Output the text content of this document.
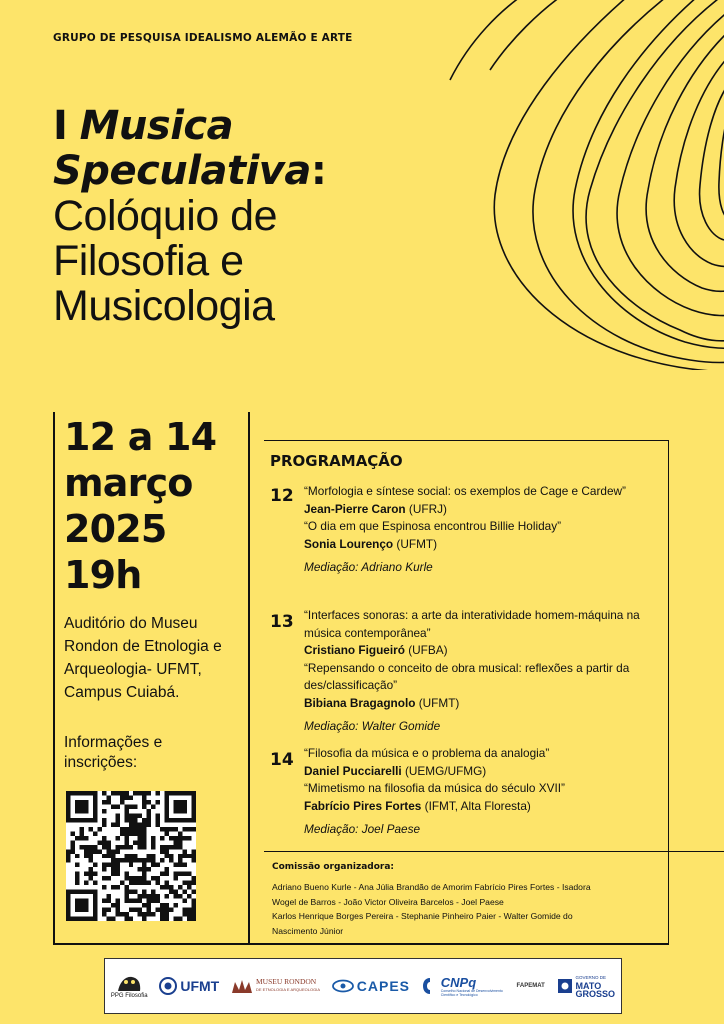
GRUPO DE PESQUISA IDEALISMO ALEMÃO E ARTE
I Musica
Speculativa:
Colóquio de
Filosofia e
Musicologia
12 a 14
março
2025
19h
Auditório do Museu Rondon de Etnologia e Arqueologia- UFMT, Campus Cuiabá.
Informações e inscrições:
PROGRAMAÇÃO
12 “Morfologia e síntese social: os exemplos de Cage e Cardew”
Jean-Pierre Caron (UFRJ)
“O dia em que Espinosa encontrou Billie Holiday”
Sonia Lourenço (UFMT)
Mediação: Adriano Kurle
13 “Interfaces sonoras: a arte da interatividade homem-máquina na música contemporânea”
Cristiano Figueiró (UFBA)
“Repensando o conceito de obra musical: reflexões a partir da des/classificação”
Bibiana Bragagnolo (UFMT)
Mediação: Walter Gomide
14 “Filosofia da música e o problema da analogia”
Daniel Pucciarelli (UEMG/UFMG)
“Mimetismo na filosofia da música do século XVII”
Fabrício Pires Fortes (IFMT, Alta Floresta)
Mediação: Joel Paese
Comissão organizadora:
Adriano Bueno Kurle - Ana Júlia Brandão de Amorim Fabrício Pires Fortes - Isadora
Wogel de Barros - João Victor Oliveira Barcelos - Joel Paese
Karlos Henrique Borges Pereira - Stephanie Pinheiro Paier - Walter Gomide do
Nascimento Júnior
PPG Filosofia
UFMT	MUSEU RONDON
DE ETNOLOGIA E ARQUEOLOGIA	CAPES CNPq
Conselho Nacional de Desenvolvimento Científico e Tecnológico
FAPEMAT
GOVERNO DE
MATO
GROSSO
